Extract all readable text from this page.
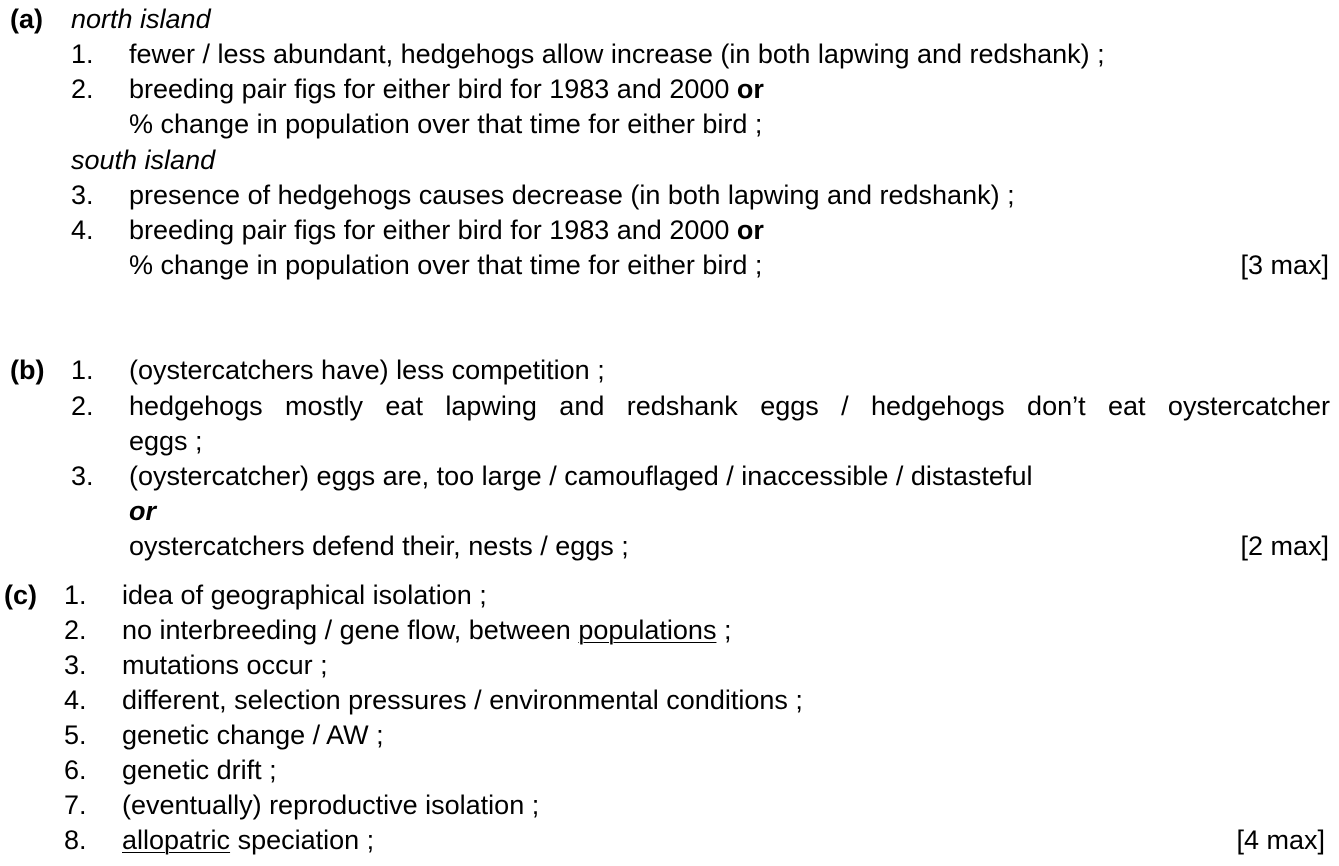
(a) north island
1. fewer / less abundant, hedgehogs allow increase (in both lapwing and redshank) ;
2. breeding pair figs for either bird for 1983 and 2000 or
% change in population over that time for either bird ;
south island
3. presence of hedgehogs causes decrease (in both lapwing and redshank) ;
4. breeding pair figs for either bird for 1983 and 2000 or
% change in population over that time for either bird ;	[3 max]
(b) 1. (oystercatchers have) less competition ;
2. hedgehogs mostly eat lapwing and redshank eggs / hedgehogs don’t eat oystercatcher
eggs ;
3. (oystercatcher) eggs are, too large / camouflaged / inaccessible / distasteful
or
oystercatchers defend their, nests / eggs ;	[2 max]
(c) 1. idea of geographical isolation ;
2. no interbreeding / gene flow, between populations ;
3. mutations occur ;
4. different, selection pressures / environmental conditions ;
5. genetic change / AW ;
6. genetic drift ;
7. (eventually) reproductive isolation ;
8. allopatric speciation ;	[4 max]
